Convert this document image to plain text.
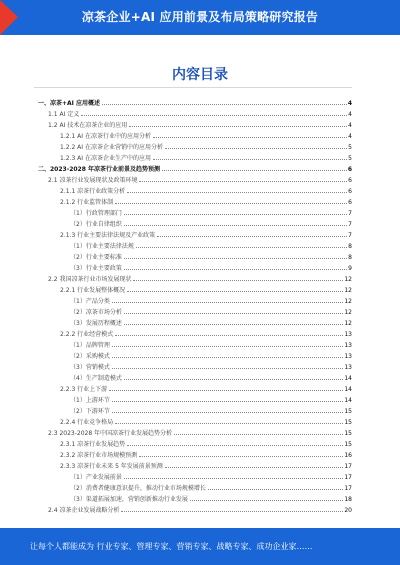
凉茶企业+AI 应用前景及布局策略研究报告
内容目录
一、凉茶+AI 应用概述	4
1.1 AI 定义	4
1.2 AI 技术在凉茶企业的应用	4
1.2.1 AI 在凉茶行业中的应用分析	4
1.2.2 AI 在凉茶企业营销中的应用分析	5
1.2.3 AI 在凉茶企业生产中的应用	5
二、2023-2028 年凉茶行业前景及趋势预测	6
2.1 凉茶行业发展现状及政策环境	6
2.1.1 凉茶行业政策分析	6
2.1.2 行业监管体制	6
（1）行政管理部门	7
（2）行业自律组织	7
2.1.3 行业主要法律法规及产业政策	7
（1）行业主要法律法规	8
（2）行业主要标准	8
（3）行业主要政策	9
2.2 我国凉茶行业市场发展现状	12
2.2.1 行业发展整体概况	12
（1）产品分类	12
（2）凉茶市场分析	12
（3）发展历程概述	12
2.2.2 行业经营模式	13
（1）品牌管理	13
（2）采购模式	13
（3）营销模式	13
（4）生产制造模式	14
2.2.3 行业上下游	14
（1）上游环节	14
（2）下游环节	15
2.2.4 行业竞争格局	15
2.3 2023-2028 年中国凉茶行业发展趋势分析	15
2.3.1 凉茶行业发展趋势	15
2.3.2 凉茶行业市场规模预测	16
2.3.3 凉茶行业未来 5 年发展前景预测	17
（1）产业发展前景	17
（2）消费者健康意识提升，推动行业市场规模增长	17
（3）渠道拓展加速，营销创新推动行业发展	18
2.4 凉茶企业发展战略分析	20
让每个人都能成为 行业专家、管理专家、营销专家、战略专家、成功企业家……
